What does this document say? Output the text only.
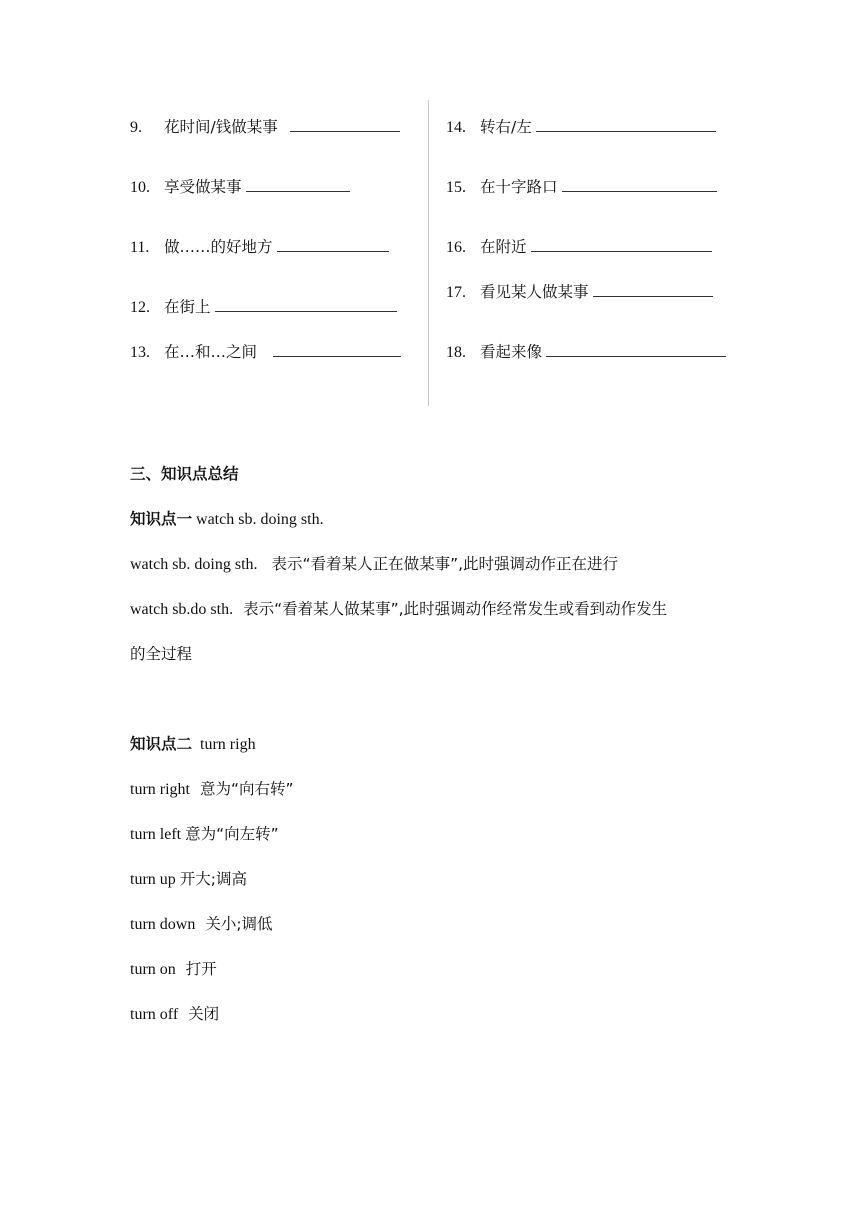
9. 花时间/钱做某事
10. 享受做某事
11. 做……的好地方
12. 在街上
13. 在…和…之间
14. 转右/左
15. 在十字路口
16. 在附近
17. 看见某人做某事
18. 看起来像
三、知识点总结
知识点一 watch sb. doing sth.
watch sb. doing sth. 表示“看着某人正在做某事”,此时强调动作正在进行
watch sb.do sth. 表示“看着某人做某事”,此时强调动作经常发生或看到动作发生
的全过程
知识点二 turn righ
turn right 意为“向右转”
turn left 意为“向左转”
turn up 开大;调高
turn down 关小;调低
turn on 打开
turn off 关闭
